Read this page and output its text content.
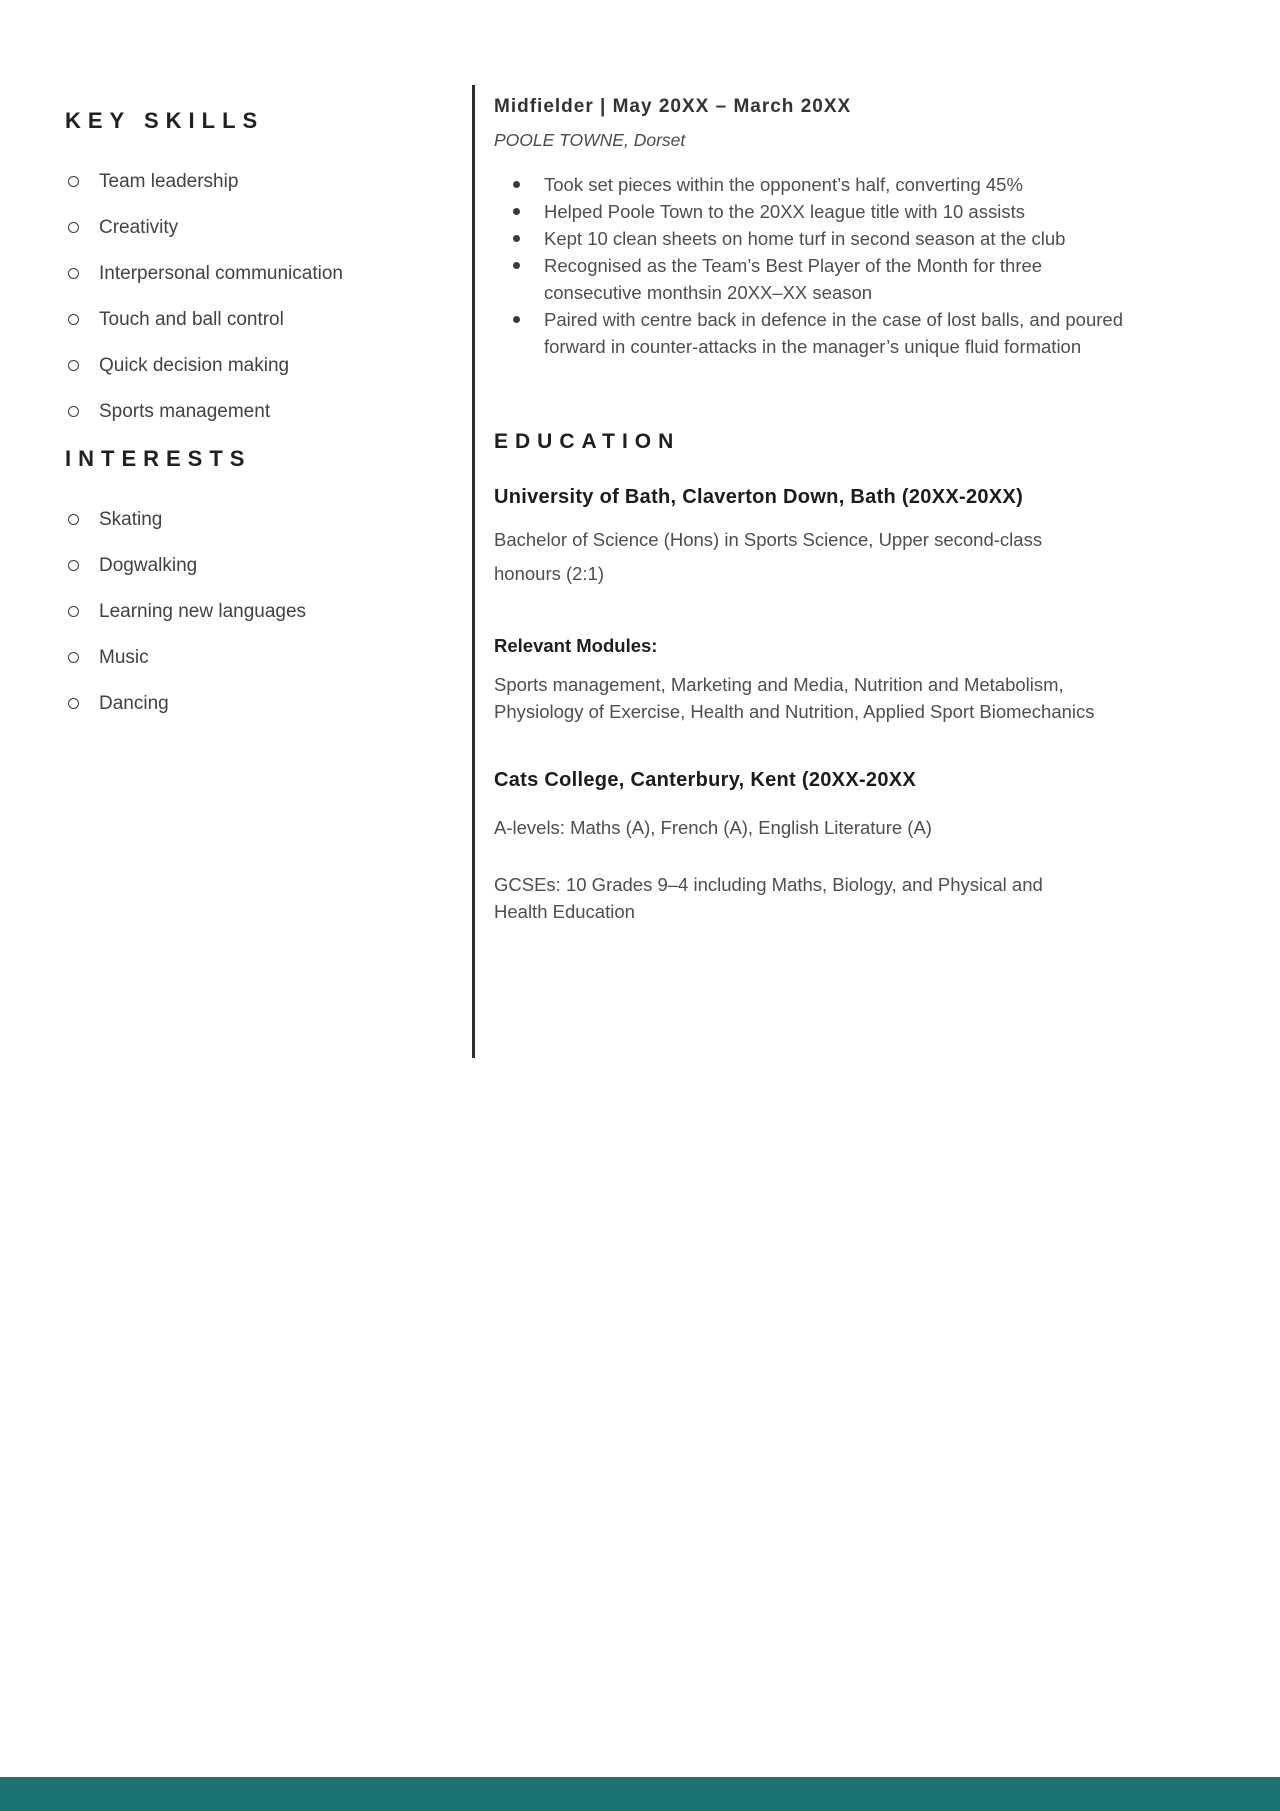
KEY SKILLS
Team leadership
Creativity
Interpersonal communication
Touch and ball control
Quick decision making
Sports management
INTERESTS
Skating
Dogwalking
Learning new languages
Music
Dancing
Midfielder | May 20XX – March 20XX

POOLE TOWNE, Dorset

Took set pieces within the opponent’s half, converting 45%
Helped Poole Town to the 20XX league title with 10 assists
Kept 10 clean sheets on home turf in second season at the club
Recognised as the Team’s Best Player of the Month for three consecutive monthsin 20XX–XX season
Paired with centre back in defence in the case of lost balls, and poured forward in counter-attacks in the manager’s unique fluid formation
EDUCATION
University of Bath, Claverton Down, Bath (20XX-20XX)

Bachelor of Science (Hons) in Sports Science, Upper second-class honours (2:1)

Relevant Modules:

Sports management, Marketing and Media, Nutrition and Metabolism, Physiology of Exercise, Health and Nutrition, Applied Sport Biomechanics

Cats College, Canterbury, Kent (20XX-20XX

A-levels: Maths (A), French (A), English Literature (A)

GCSEs: 10 Grades 9–4 including Maths, Biology, and Physical and Health Education
